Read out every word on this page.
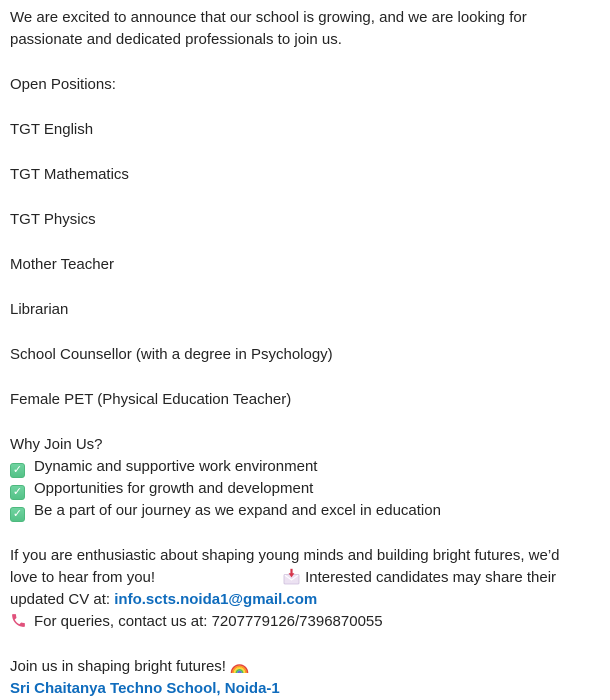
We are excited to announce that our school is growing, and we are looking for
passionate and dedicated professionals to join us.

Open Positions:

TGT English

TGT Mathematics

TGT Physics

Mother Teacher

Librarian

School Counsellor (with a degree in Psychology)

Female PET (Physical Education Teacher)

Why Join Us?
✓ Dynamic and supportive work environment
✓ Opportunities for growth and development
✓ Be a part of our journey as we expand and excel in education

If you are enthusiastic about shaping young minds and building bright futures, we’d
love to hear from you!	Interested candidates may share their
updated CV at: info.scts.noida1@gmail.com
For queries, contact us at: 7207779126/7396870055

Join us in shaping bright futures!
Sri Chaitanya Techno School, Noida-1
